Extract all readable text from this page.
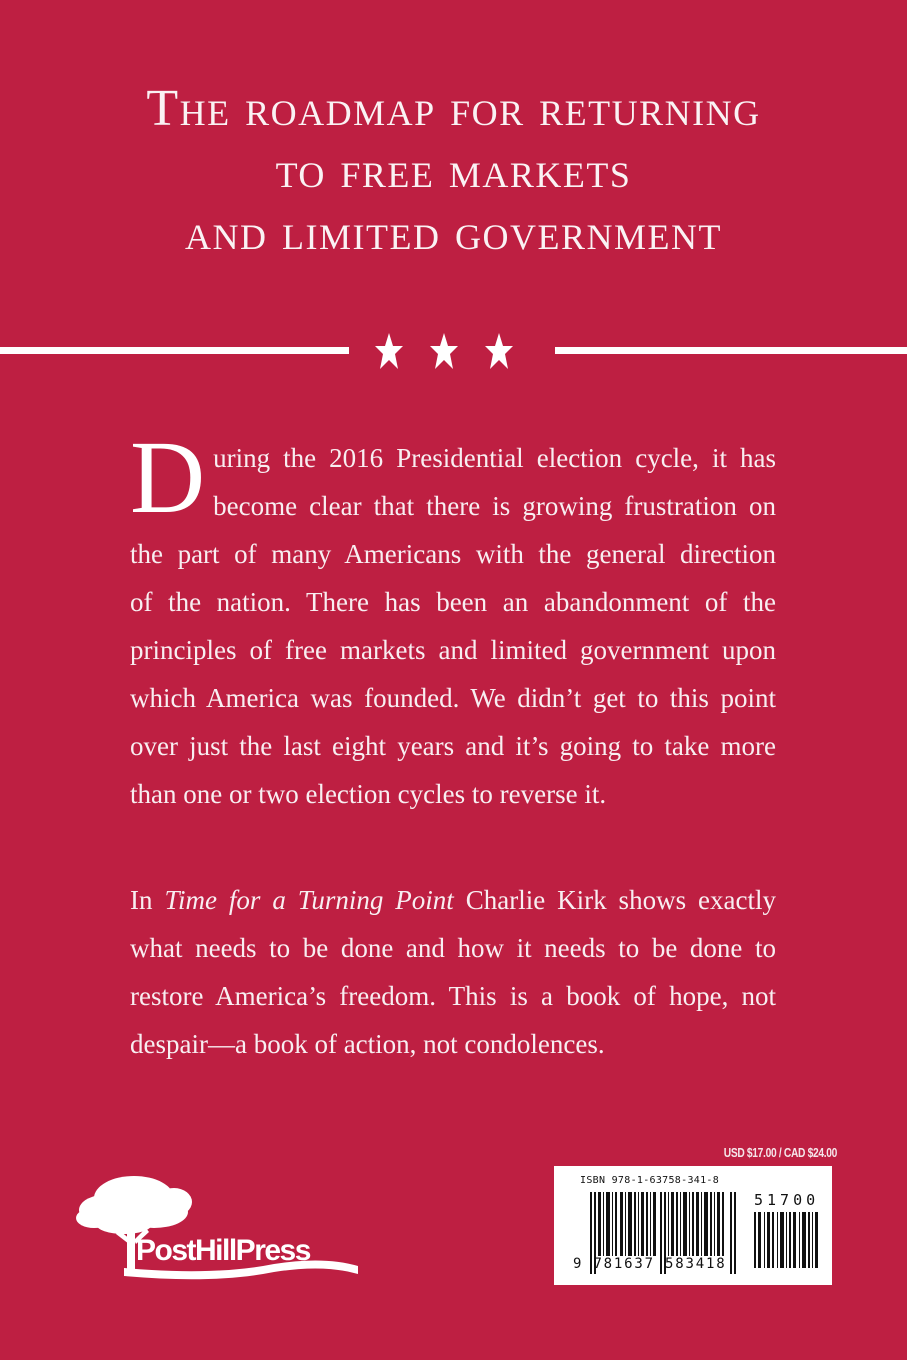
The roadmap for returning
to free markets
and limited government
D uring the 2016 Presidential election cycle, it has
become clear that there is growing frustration on
the part of many Americans with the general direction
of the nation. There has been an abandonment of the
principles of free markets and limited government upon
which America was founded. We didn’t get to this point
over just the last eight years and it’s going to take more
than one or two election cycles to reverse it.
In Time for a Turning Point Charlie Kirk shows exactly
what needs to be done and how it needs to be done to
restore America’s freedom. This is a book of hope, not
despair—a book of action, not condolences.
PostHillPress
USD $17.00 / CAD $24.00
ISBN 978-1-63758-341-8
9 781637 583418
51700
